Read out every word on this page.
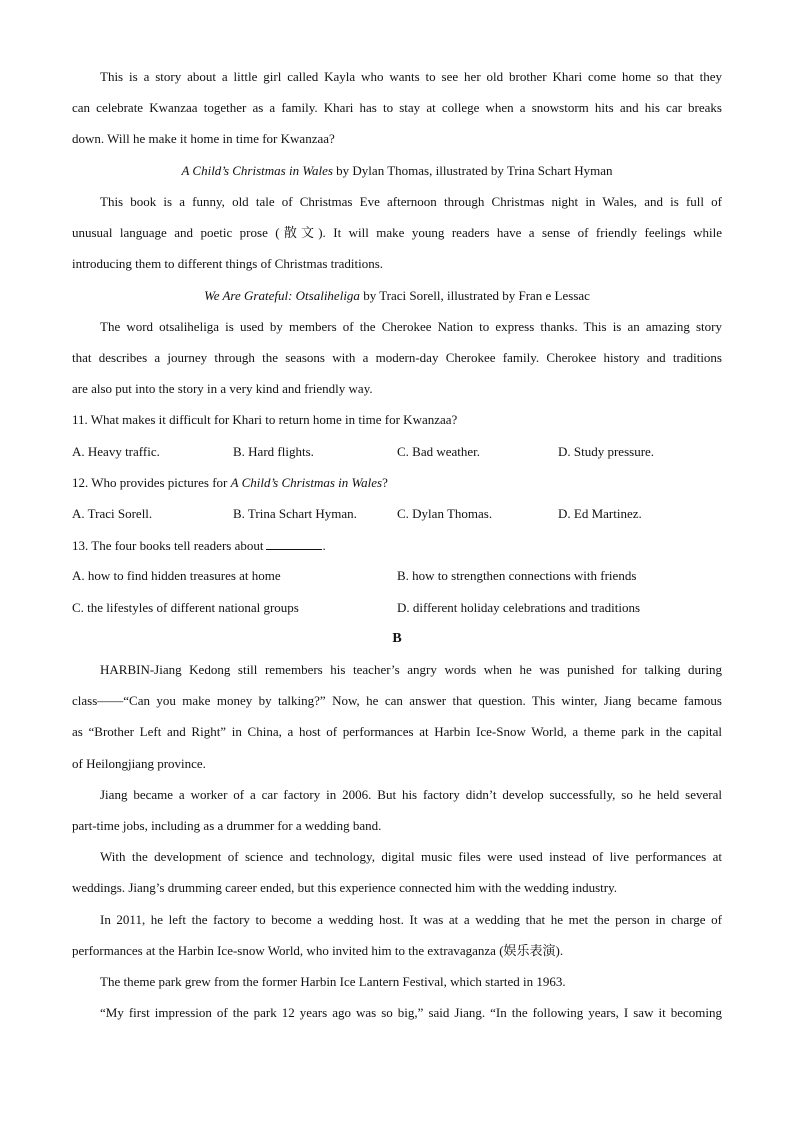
This is a story about a little girl called Kayla who wants to see her old brother Khari come home so that they
can celebrate Kwanzaa together as a family. Khari has to stay at college when a snowstorm hits and his car breaks
down. Will he make it home in time for Kwanzaa?
A Child’s Christmas in Wales by Dylan Thomas, illustrated by Trina Schart Hyman
This book is a funny, old tale of Christmas Eve afternoon through Christmas night in Wales, and is full of
unusual language and poetic prose (散文). It will make young readers have a sense of friendly feelings while
introducing them to different things of Christmas traditions.
We Are Grateful: Otsaliheliga by Traci Sorell, illustrated by Fran e Lessac
The word otsaliheliga is used by members of the Cherokee Nation to express thanks. This is an amazing story
that describes a journey through the seasons with a modern-day Cherokee family. Cherokee history and traditions
are also put into the story in a very kind and friendly way.
11. What makes it difficult for Khari to return home in time for Kwanzaa?
A. Heavy traffic.	B. Hard flights.	C. Bad weather.	D. Study pressure.
12. Who provides pictures for A Child’s Christmas in Wales?
A. Traci Sorell.	B. Trina Schart Hyman.	C. Dylan Thomas.	D. Ed Martinez.
13. The four books tell readers about	.
A. how to find hidden treasures at home	B. how to strengthen connections with friends
C. the lifestyles of different national groups	D. different holiday celebrations and traditions
B
HARBIN-Jiang Kedong still remembers his teacher’s angry words when he was punished for talking during
class——“Can you make money by talking?” Now, he can answer that question. This winter, Jiang became famous
as “Brother Left and Right” in China, a host of performances at Harbin Ice-Snow World, a theme park in the capital
of Heilongjiang province.
Jiang became a worker of a car factory in 2006. But his factory didn’t develop successfully, so he held several
part-time jobs, including as a drummer for a wedding band.
With the development of science and technology, digital music files were used instead of live performances at
weddings. Jiang’s drumming career ended, but this experience connected him with the wedding industry.
In 2011, he left the factory to become a wedding host. It was at a wedding that he met the person in charge of
performances at the Harbin Ice-snow World, who invited him to the extravaganza (娱乐表演).
The theme park grew from the former Harbin Ice Lantern Festival, which started in 1963.
“My first impression of the park 12 years ago was so big,” said Jiang. “In the following years, I saw it becoming
